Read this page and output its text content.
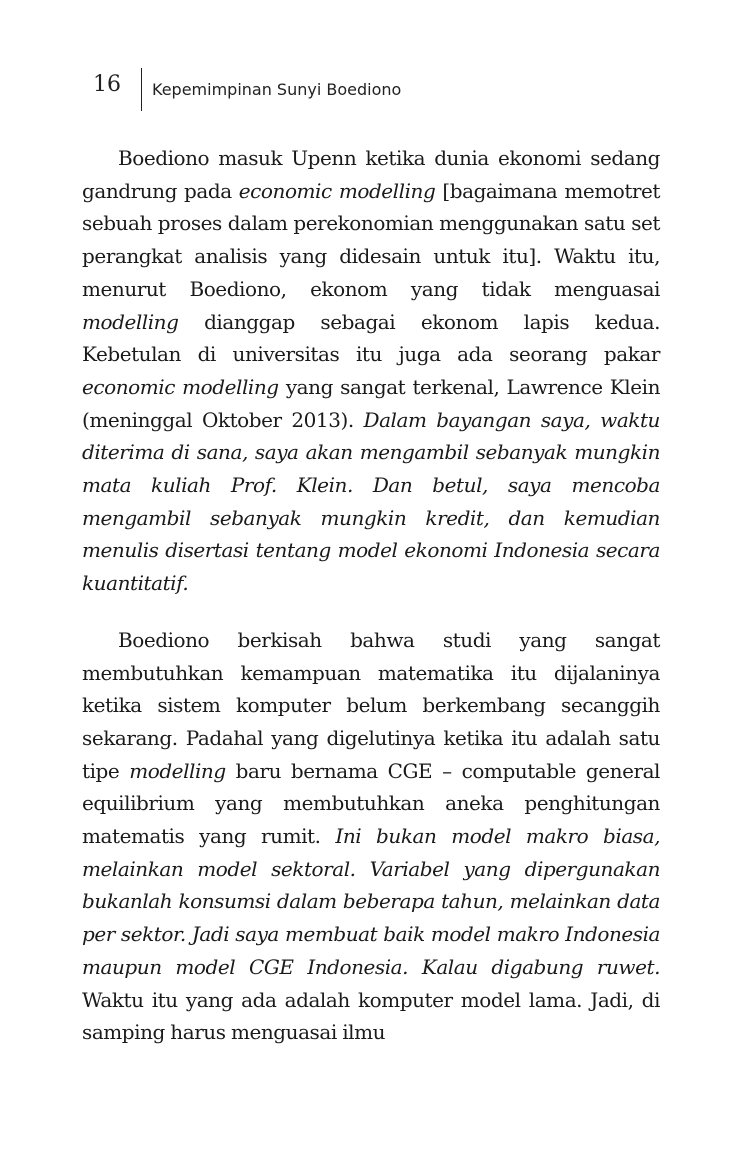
16 Kepemimpinan Sunyi Boediono

Boediono masuk Upenn ketika dunia ekonomi sedang gandrung pada economic modelling [bagaimana memotret sebuah proses dalam perekonomian menggunakan satu set perangkat analisis yang didesain untuk itu]. Waktu itu, menurut Boediono, ekonom yang tidak menguasai modelling dianggap sebagai ekonom lapis kedua. Kebetulan di universitas itu juga ada seorang pakar economic modelling yang sangat terkenal, Lawrence Klein (meninggal Oktober 2013). Dalam bayangan saya, waktu diterima di sana, saya akan mengambil sebanyak mungkin mata kuliah Prof. Klein. Dan betul, saya mencoba mengambil sebanyak mungkin kredit, dan kemudian menulis disertasi tentang model ekonomi Indonesia secara kuantitatif.

Boediono berkisah bahwa studi yang sangat membutuhkan kemampuan matematika itu dijalaninya ketika sistem komputer belum berkembang secanggih sekarang. Padahal yang digelutinya ketika itu adalah satu tipe modelling baru bernama CGE – computable general equilibrium yang membutuhkan aneka penghitungan matematis yang rumit. Ini bukan model makro biasa, melainkan model sektoral. Variabel yang dipergunakan bukanlah konsumsi dalam beberapa tahun, melainkan data per sektor. Jadi saya membuat baik model makro Indonesia maupun model CGE Indonesia. Kalau digabung ruwet. Waktu itu yang ada adalah komputer model lama. Jadi, di samping harus menguasai ilmu
